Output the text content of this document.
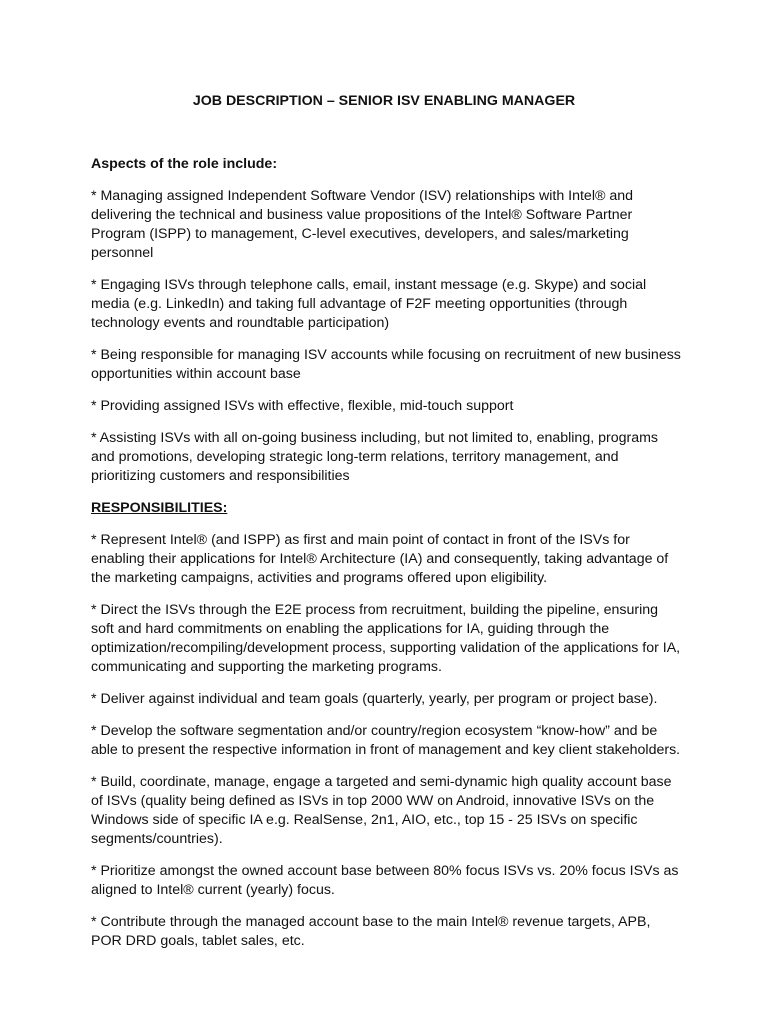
JOB DESCRIPTION – SENIOR ISV ENABLING MANAGER

Aspects of the role include:

* Managing assigned Independent Software Vendor (ISV) relationships with Intel® and delivering the technical and business value propositions of the Intel® Software Partner Program (ISPP) to management, C-level executives, developers, and sales/marketing personnel

* Engaging ISVs through telephone calls, email, instant message (e.g. Skype) and social media (e.g. LinkedIn) and taking full advantage of F2F meeting opportunities (through technology events and roundtable participation)

* Being responsible for managing ISV accounts while focusing on recruitment of new business opportunities within account base

* Providing assigned ISVs with effective, flexible, mid-touch support

* Assisting ISVs with all on-going business including, but not limited to, enabling, programs and promotions, developing strategic long-term relations, territory management, and prioritizing customers and responsibilities

RESPONSIBILITIES:

* Represent Intel® (and ISPP) as first and main point of contact in front of the ISVs for enabling their applications for Intel® Architecture (IA) and consequently, taking advantage of the marketing campaigns, activities and programs offered upon eligibility.

* Direct the ISVs through the E2E process from recruitment, building the pipeline, ensuring soft and hard commitments on enabling the applications for IA, guiding through the optimization/recompiling/development process, supporting validation of the applications for IA, communicating and supporting the marketing programs.

* Deliver against individual and team goals (quarterly, yearly, per program or project base).

* Develop the software segmentation and/or country/region ecosystem “know-how” and be able to present the respective information in front of management and key client stakeholders.

* Build, coordinate, manage, engage a targeted and semi-dynamic high quality account base of ISVs (quality being defined as ISVs in top 2000 WW on Android, innovative ISVs on the Windows side of specific IA e.g. RealSense, 2n1, AIO, etc., top 15 - 25 ISVs on specific segments/countries).

* Prioritize amongst the owned account base between 80% focus ISVs vs. 20% focus ISVs as aligned to Intel® current (yearly) focus.

* Contribute through the managed account base to the main Intel® revenue targets, APB, POR DRD goals, tablet sales, etc.
